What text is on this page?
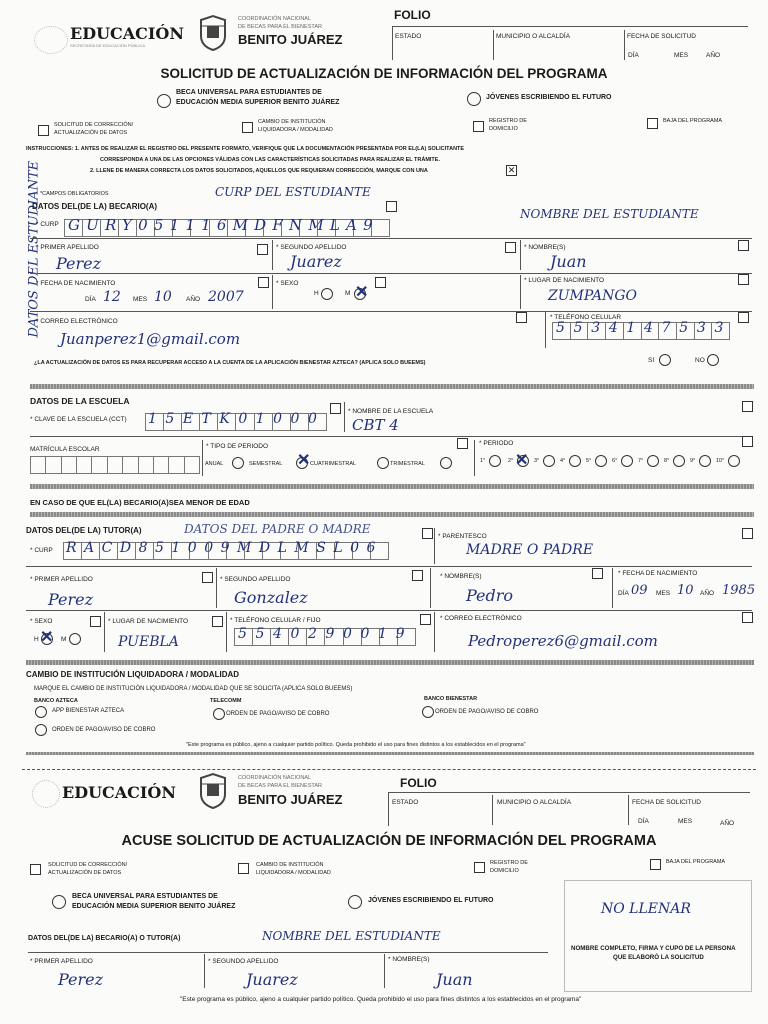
EDUCACIÓN
SECRETARÍA DE EDUCACIÓN PÚBLICA
COORDINACIÓN NACIONAL
DE BECAS PARA EL BIENESTAR
BENITO JUÁREZ
FOLIO
ESTADO	MUNICIPIO O ALCALDÍA	FECHA DE SOLICITUD
DÍA	MES	AÑO
SOLICITUD DE ACTUALIZACIÓN DE INFORMACIÓN DEL PROGRAMA
BECA UNIVERSAL PARA ESTUDIANTES DE
EDUCACIÓN MEDIA SUPERIOR BENITO JUÁREZ
JÓVENES ESCRIBIENDO EL FUTURO
SOLICITUD DE CORRECCIÓN/
ACTUALIZACIÓN DE DATOS
CAMBIO DE INSTITUCIÓN
LIQUIDADORA / MODALIDAD
REGISTRO DE
DOMICILIO
BAJA DEL PROGRAMA
INSTRUCCIONES: 1. ANTES DE REALIZAR EL REGISTRO DEL PRESENTE FORMATO, VERIFIQUE QUE LA DOCUMENTACIÓN PRESENTADA POR EL(LA) SOLICITANTE
CORRESPONDA A UNA DE LAS OPCIONES VÁLIDAS CON LAS CARACTERÍSTICAS SOLICITADAS PARA REALIZAR EL TRÁMITE.
2. LLENE DE MANERA CORRECTA LOS DATOS SOLICITADOS, AQUELLOS QUE REQUIERAN CORRECCIÓN, MARQUE CON UNA	✕
DATOS DEL ESTUDIANTE
*CAMPOS OBLIGATORIOS
DATOS DEL(DE LA) BECARIO(A)
CURP DEL ESTUDIANTE
NOMBRE DEL ESTUDIANTE
* CURP GURY051116MDFNMLA9
* PRIMER APELLIDO
Perez
* SEGUNDO APELLIDO
Juarez
* NOMBRE(S)
Juan
* FECHA DE NACIMIENTO
DÍA 12 MES 10 AÑO 2007
* SEXO
H	M ✕
* LUGAR DE NACIMIENTO
ZUMPANGO
* CORREO ELECTRÓNICO
Juanperez1@gmail.com
* TELÉFONO CELULAR
5534147533
¿LA ACTUALIZACIÓN DE DATOS ES PARA RECUPERAR ACCESO A LA CUENTA DE LA APLICACIÓN BIENESTAR AZTECA? (APLICA SOLO BUEEMS)	SI	NO
DATOS DE LA ESCUELA
* CLAVE DE LA ESCUELA (CCT) 15ETK01000	* NOMBRE DE LA ESCUELA
CBT 4
MATRÍCULA ESCOLAR	* TIPO DE PERIODO
ANUAL	SEMESTRAL ✕ CUATRIMESTRAL	TRIMESTRAL
* PERIODO
1°	2° ✕ 3°	4°	5°	6°	7°	8°	9°	10°
EN CASO DE QUE EL(LA) BECARIO(A)SEA MENOR DE EDAD
DATOS DEL(DE LA) TUTOR(A)	DATOS DEL PADRE O MADRE
* CURP RACD851009MDLMSL06
* PARENTESCO
MADRE O PADRE
* PRIMER APELLIDO
Perez
* SEGUNDO APELLIDO
Gonzalez
* NOMBRE(S)
Pedro
* FECHA DE NACIMIENTO
DÍA 09 MES 10 AÑO 1985
* SEXO
H ✕ M
* LUGAR DE NACIMIENTO
PUEBLA
* TELÉFONO CELULAR / FIJO
5540290019
* CORREO ELECTRÓNICO
Pedroperez6@gmail.com
CAMBIO DE INSTITUCIÓN LIQUIDADORA / MODALIDAD
MARQUE EL CAMBIO DE INSTITUCIÓN LIQUIDADORA / MODALIDAD QUE SE SOLICITA (APLICA SOLO BUEEMS)
BANCO AZTECA
APP BIENESTAR AZTECA
ORDEN DE PAGO/AVISO DE COBRO
TELECOMM
ORDEN DE PAGO/AVISO DE COBRO
BANCO BIENESTAR
ORDEN DE PAGO/AVISO DE COBRO
"Este programa es público, ajeno a cualquier partido político. Queda prohibido el uso para fines distintos a los establecidos en el programa"
EDUCACIÓN
COORDINACIÓN NACIONAL
DE BECAS PARA EL BIENESTAR
BENITO JUÁREZ
FOLIO
ESTADO	MUNICIPIO O ALCALDÍA	FECHA DE SOLICITUD
DÍA	MES	AÑO
ACUSE SOLICITUD DE ACTUALIZACIÓN DE INFORMACIÓN DEL PROGRAMA
SOLICITUD DE CORRECCIÓN/
ACTUALIZACIÓN DE DATOS
CAMBIO DE INSTITUCIÓN
LIQUIDADORA / MODALIDAD
REGISTRO DE
DOMICILIO
BAJA DEL PROGRAMA
BECA UNIVERSAL PARA ESTUDIANTES DE
EDUCACIÓN MEDIA SUPERIOR BENITO JUÁREZ
JÓVENES ESCRIBIENDO EL FUTURO
DATOS DEL(DE LA) BECARIO(A) O TUTOR(A)	NOMBRE DEL ESTUDIANTE
NO LLENAR
NOMBRE COMPLETO, FIRMA Y CUPO DE LA PERSONA
QUE ELABORÓ LA SOLICITUD
* PRIMER APELLIDO
Perez
* SEGUNDO APELLIDO
Juarez
* NOMBRE(S)
Juan
"Este programa es público, ajeno a cualquier partido político. Queda prohibido el uso para fines distintos a los establecidos en el programa"
